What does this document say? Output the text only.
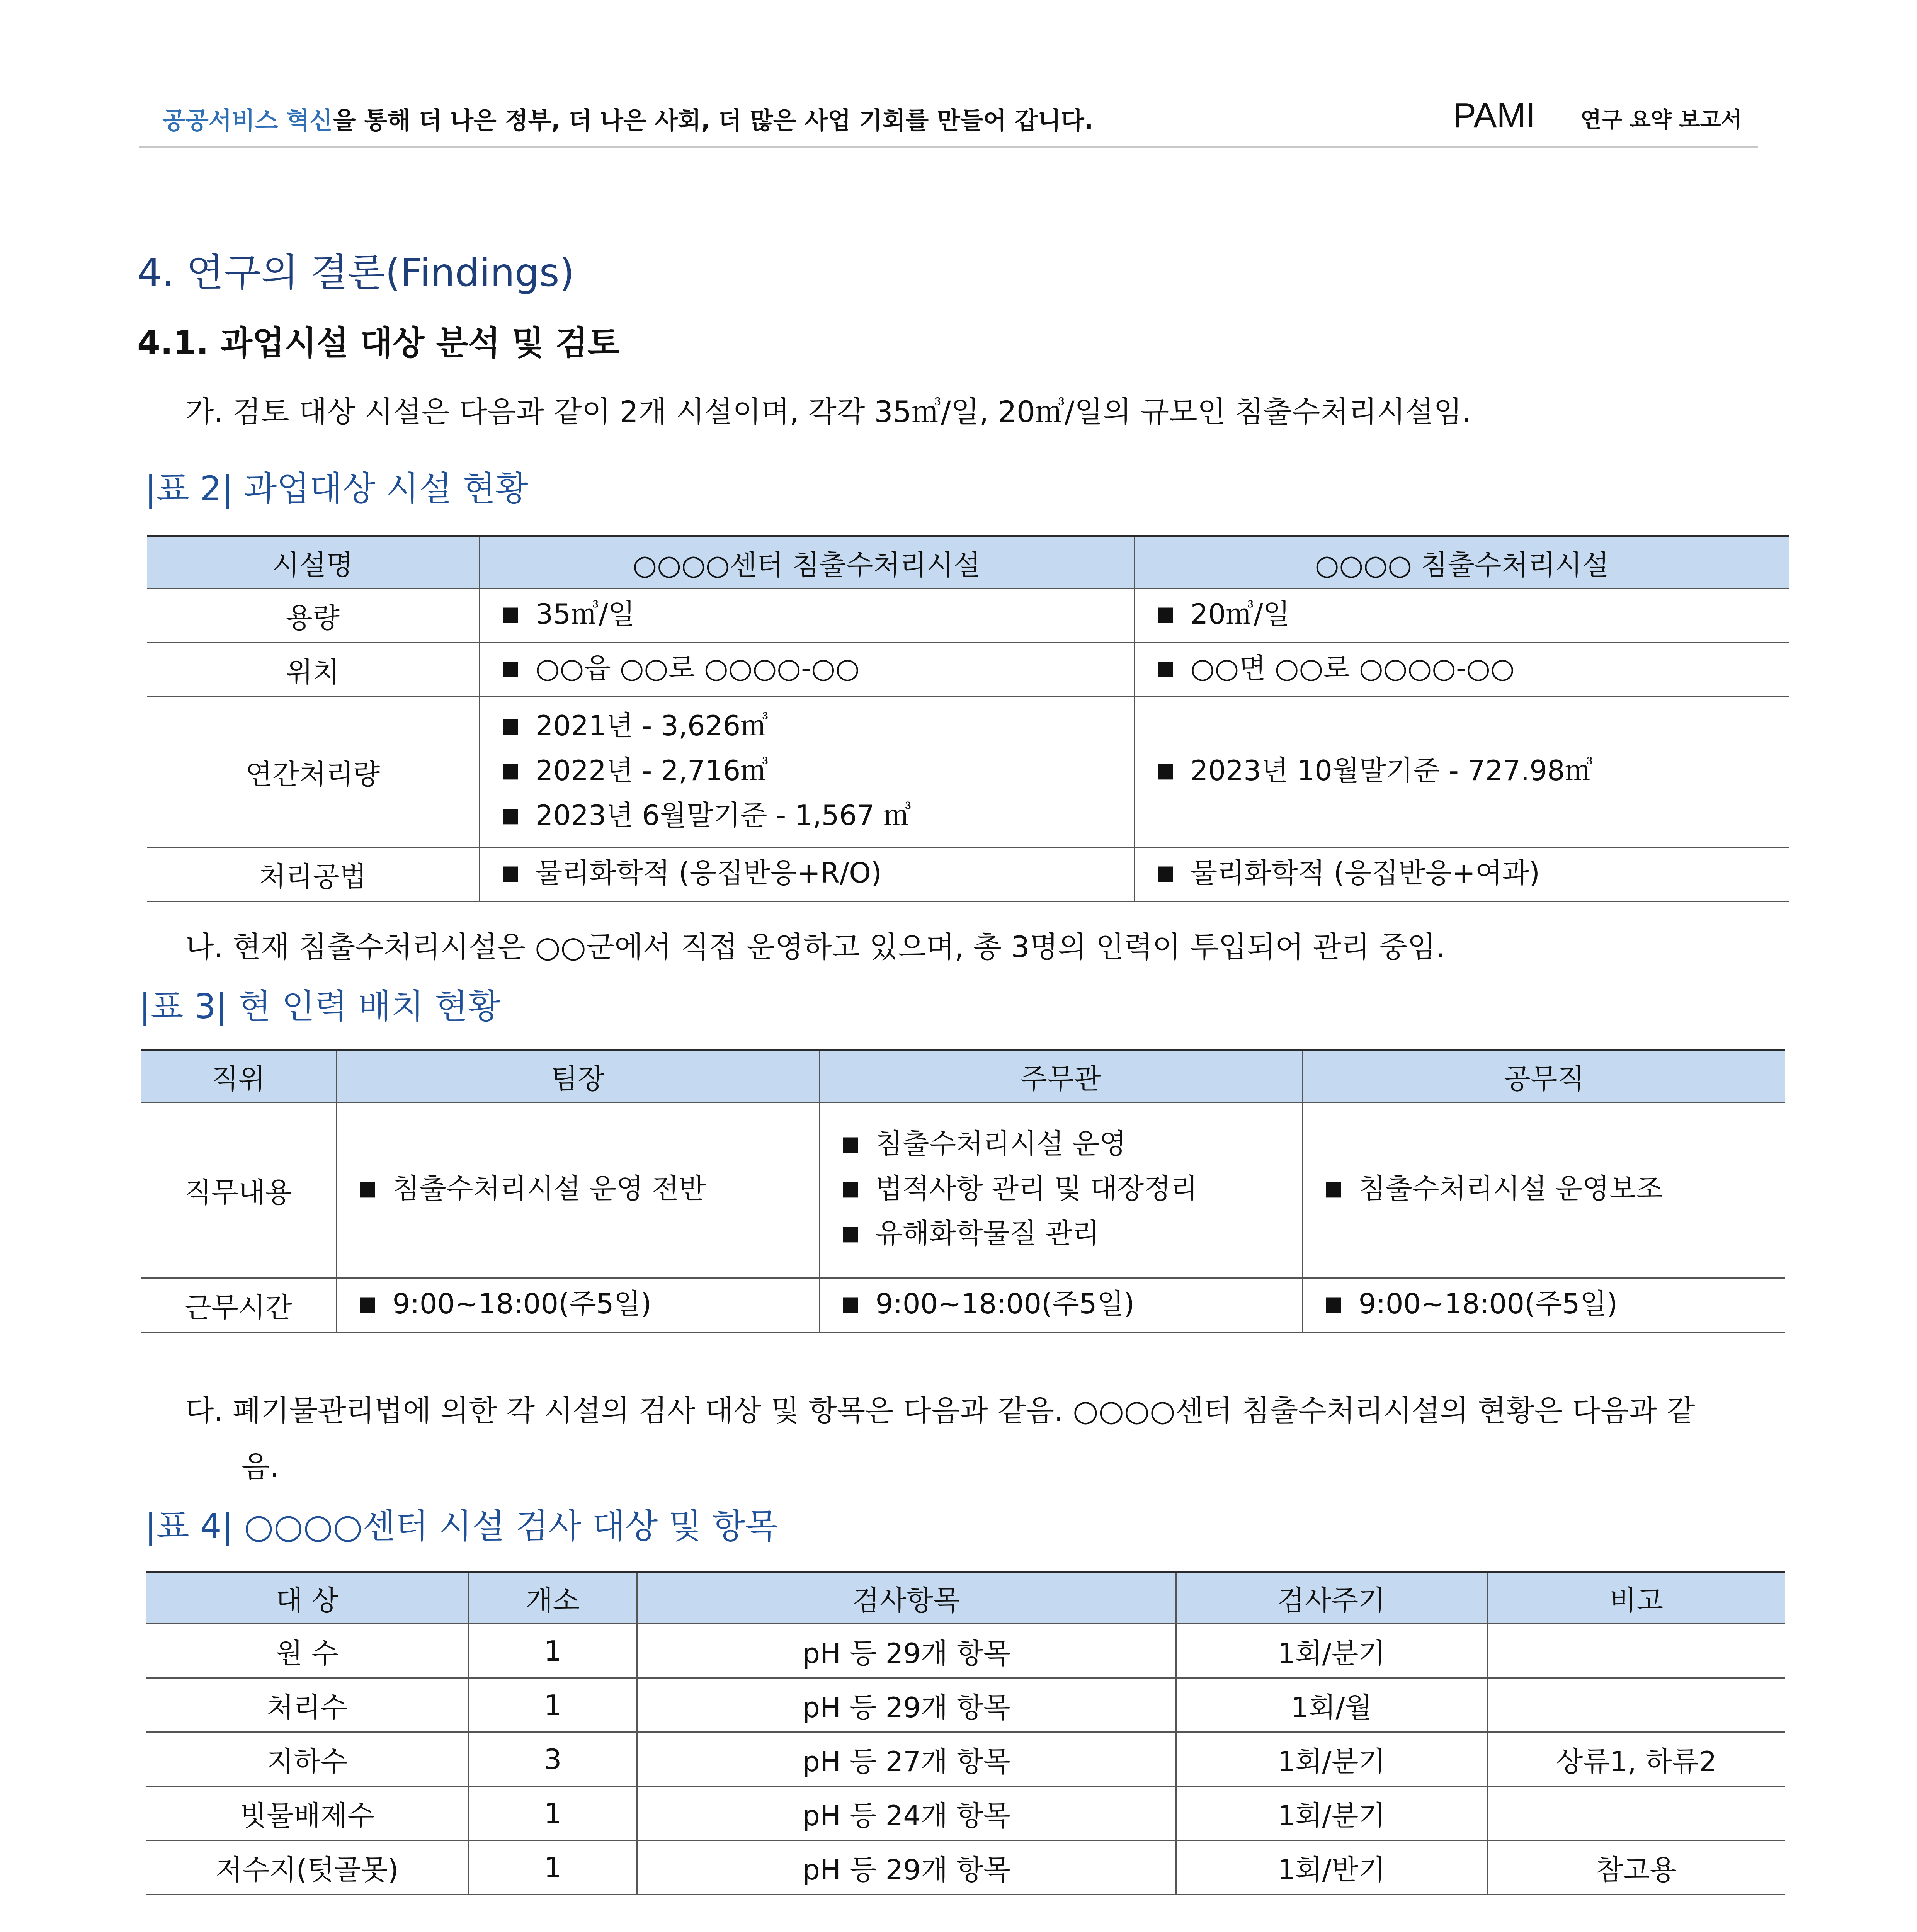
공공서비스 혁신을 통해 더 나은 정부, 더 나은 사회, 더 많은 사업 기회를 만들어 갑니다.	PAMI 연구 요약 보고서
4. 연구의 결론(Findings)
4.1. 과업시설 대상 분석 및 검토
가. 검토 대상 시설은 다음과 같이 2개 시설이며, 각각 35㎥/일, 20㎥/일의 규모인 침출수처리시설임.
|표 2| 과업대상 시설 현황
시설명	○○○○센터 침출수처리시설	○○○○ 침출수처리시설
용량	■ 35㎥/일	■ 20㎥/일

위치	■ ○○읍 ○○로 ○○○○-○○	■ ○○면 ○○로 ○○○○-○○

연간처리량	■ 2021년 - 3,626㎥
■ 2022년 - 2,716㎥
■ 2023년 6월말기준 - 1,567 ㎥	■ 2023년 10월말기준 - 727.98㎥

처리공법	■ 물리화학적 (응집반응+R/O)	■ 물리화학적 (응집반응+여과)
나. 현재 침출수처리시설은 ○○군에서 직접 운영하고 있으며, 총 3명의 인력이 투입되어 관리 중임.
|표 3| 현 인력 배치 현황
직위	팀장	주무관	공무직
직무내용	■ 침출수처리시설 운영 전반	■ 침출수처리시설 운영
■ 법적사항 관리 및 대장정리
■ 유해화학물질 관리	■ 침출수처리시설 운영보조

근무시간	■ 9:00~18:00(주5일)	■ 9:00~18:00(주5일)	■ 9:00~18:00(주5일)
다. 폐기물관리법에 의한 각 시설의 검사 대상 및 항목은 다음과 같음. ○○○○센터 침출수처리시설의 현황은 다음과 같
음.
|표 4| ○○○○센터 시설 검사 대상 및 항목
대 상	개소	검사항목	검사주기	비고
원 수	1	pH 등 29개 항목	1회/분기	
처리수	1	pH 등 29개 항목	1회/월	
지하수	3	pH 등 27개 항목	1회/분기	상류1, 하류2
빗물배제수	1	pH 등 24개 항목	1회/분기	
저수지(텃골못)	1	pH 등 29개 항목	1회/반기	참고용
